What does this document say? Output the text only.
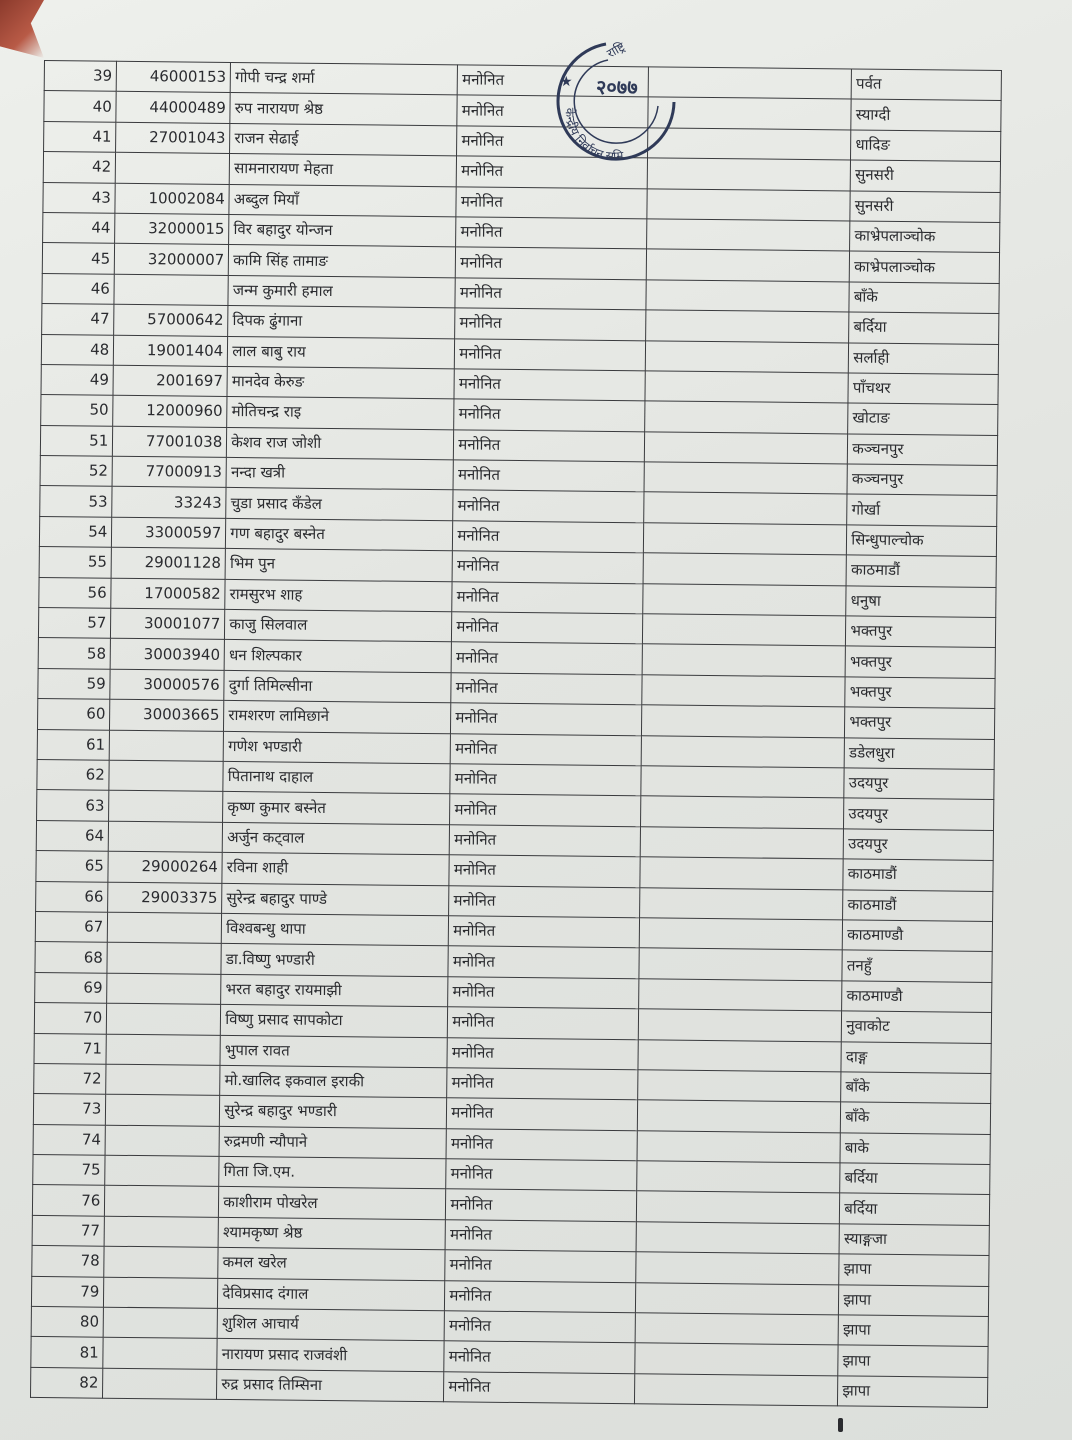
39	46000153	गोपी चन्द्र शर्मा	मनोनित		पर्वत
40	44000489	रुप नारायण श्रेष्ठ	मनोनित		स्याग्दी
41	27001043	राजन सेढाई	मनोनित		धादिङ
42		सामनारायण मेहता	मनोनित		सुनसरी
43	10002084	अब्दुल मियाँ	मनोनित		सुनसरी
44	32000015	विर बहादुर योन्जन	मनोनित		काभ्रेपलाञ्चोक
45	32000007	कामि सिंह तामाङ	मनोनित		काभ्रेपलाञ्चोक
46		जन्म कुमारी हमाल	मनोनित		बाँके
47	57000642	दिपक ढुंगाना	मनोनित		बर्दिया
48	19001404	लाल बाबु राय	मनोनित		सर्लाही
49	2001697	मानदेव केरुङ	मनोनित		पाँचथर
50	12000960	मोतिचन्द्र राइ	मनोनित		खोटाङ
51	77001038	केशव राज जोशी	मनोनित		कञ्चनपुर
52	77000913	नन्दा खत्री	मनोनित		कञ्चनपुर
53	33243	चुडा प्रसाद कँडेल	मनोनित		गोर्खा
54	33000597	गण बहादुर बस्नेत	मनोनित		सिन्धुपाल्चोक
55	29001128	भिम पुन	मनोनित		काठमाडौं
56	17000582	रामसुरभ शाह	मनोनित		धनुषा
57	30001077	काजु सिलवाल	मनोनित		भक्तपुर
58	30003940	धन शिल्पकार	मनोनित		भक्तपुर
59	30000576	दुर्गा तिमिल्सीना	मनोनित		भक्तपुर
60	30003665	रामशरण लामिछाने	मनोनित		भक्तपुर
61		गणेश भण्डारी	मनोनित		डडेलधुरा
62		पितानाथ दाहाल	मनोनित		उदयपुर
63		कृष्ण कुमार बस्नेत	मनोनित		उदयपुर
64		अर्जुन कट्वाल	मनोनित		उदयपुर
65	29000264	रविना शाही	मनोनित		काठमाडौं
66	29003375	सुरेन्द्र बहादुर पाण्डे	मनोनित		काठमाडौं
67		विश्वबन्धु थापा	मनोनित		काठमाण्डौ
68		डा.विष्णु भण्डारी	मनोनित		तनहुँ
69		भरत बहादुर रायमाझी	मनोनित		काठमाण्डौ
70		विष्णु प्रसाद सापकोटा	मनोनित		नुवाकोट
71		भुपाल रावत	मनोनित		दाङ्ग
72		मो.खालिद इकवाल इराकी	मनोनित		बाँके
73		सुरेन्द्र बहादुर भण्डारी	मनोनित		बाँके
74		रुद्रमणी न्यौपाने	मनोनित		बाके
75		गिता जि.एम.	मनोनित		बर्दिया
76		काशीराम पोखरेल	मनोनित		बर्दिया
77		श्यामकृष्ण श्रेष्ठ	मनोनित		स्याङ्गजा
78		कमल खरेल	मनोनित		झापा
79		देविप्रसाद दंगाल	मनोनित		झापा
80		शुशिल आचार्य	मनोनित		झापा
81		नारायण प्रसाद राजवंशी	मनोनित		झापा
82		रुद्र प्रसाद तिम्सिना	मनोनित		झापा
★
राष्ट्रि
२०७७
केन्द्रीय निर्वाचन समि
